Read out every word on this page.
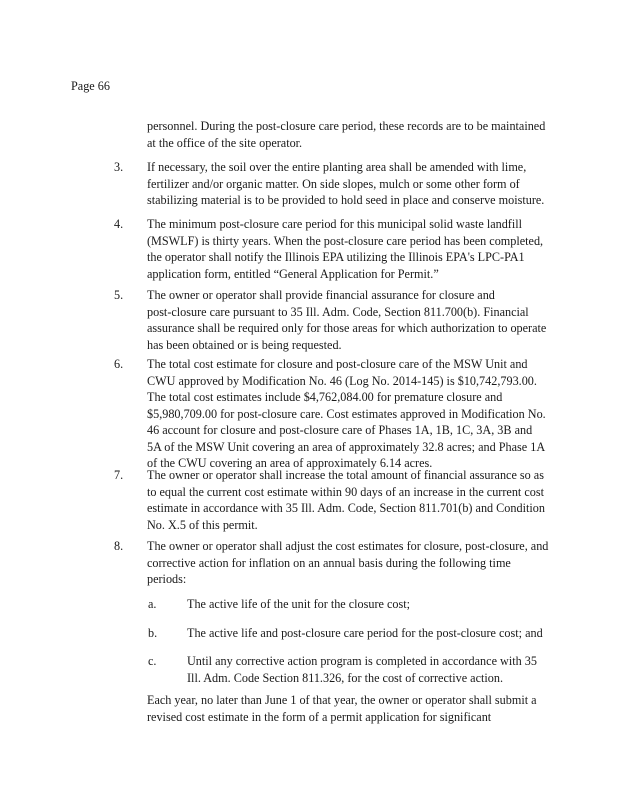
Page 66
personnel. During the post-closure care period, these records are to be maintained
at the office of the site operator.
3. If necessary, the soil over the entire planting area shall be amended with lime,
fertilizer and/or organic matter. On side slopes, mulch or some other form of
stabilizing material is to be provided to hold seed in place and conserve moisture.
4. The minimum post-closure care period for this municipal solid waste landfill
(MSWLF) is thirty years. When the post-closure care period has been completed,
the operator shall notify the Illinois EPA utilizing the Illinois EPA's LPC-PA1
application form, entitled “General Application for Permit.”
5. The owner or operator shall provide financial assurance for closure and
post-closure care pursuant to 35 Ill. Adm. Code, Section 811.700(b). Financial
assurance shall be required only for those areas for which authorization to operate
has been obtained or is being requested.
6. The total cost estimate for closure and post-closure care of the MSW Unit and
CWU approved by Modification No. 46 (Log No. 2014-145) is $10,742,793.00.
The total cost estimates include $4,762,084.00 for premature closure and
$5,980,709.00 for post-closure care. Cost estimates approved in Modification No.
46 account for closure and post-closure care of Phases 1A, 1B, 1C, 3A, 3B and
5A of the MSW Unit covering an area of approximately 32.8 acres; and Phase 1A
of the CWU covering an area of approximately 6.14 acres.
7. The owner or operator shall increase the total amount of financial assurance so as
to equal the current cost estimate within 90 days of an increase in the current cost
estimate in accordance with 35 Ill. Adm. Code, Section 811.701(b) and Condition
No. X.5 of this permit.
8. The owner or operator shall adjust the cost estimates for closure, post-closure, and
corrective action for inflation on an annual basis during the following time
periods:
a.	The active life of the unit for the closure cost;
b. The active life and post-closure care period for the post-closure cost; and
c.	Until any corrective action program is completed in accordance with 35
Ill. Adm. Code Section 811.326, for the cost of corrective action.
Each year, no later than June 1 of that year, the owner or operator shall submit a
revised cost estimate in the form of a permit application for significant
